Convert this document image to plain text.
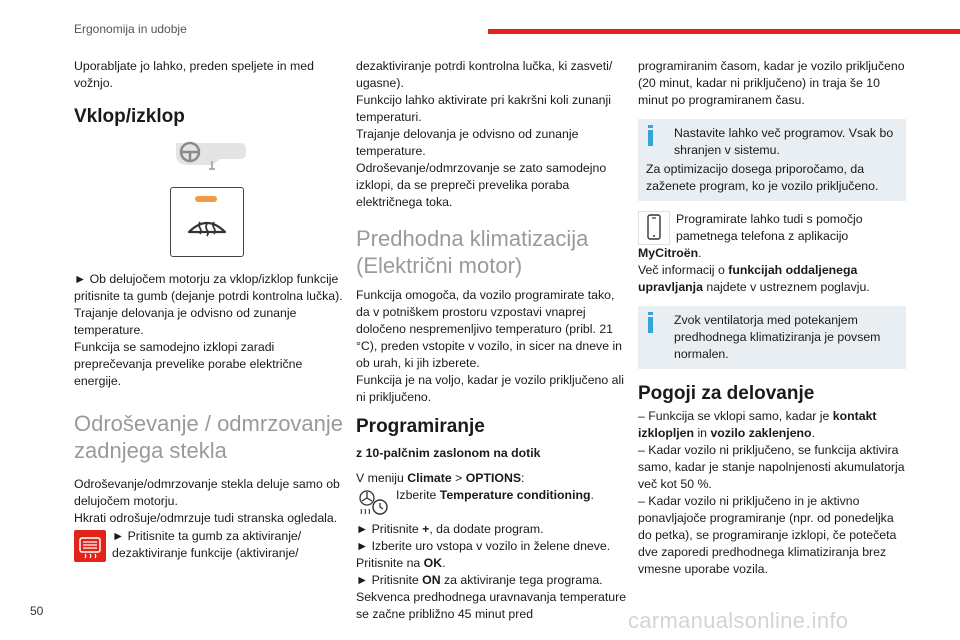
Ergonomija in udobje

Uporabljate jo lahko, preden speljete in med vožnjo.

Vklop/izklop

► Ob delujočem motorju za vklop/izklop funkcije pritisnite ta gumb (dejanje potrdi kontrolna lučka).

Trajanje delovanja je odvisno od zunanje temperature.

Funkcija se samodejno izklopi zaradi preprečevanja prevelike porabe električne energije.

Odroševanje / odmrzovanje zadnjega stekla

Odroševanje/odmrzovanje stekla deluje samo ob delujočem motorju.

Hkrati odrošuje/odmrzuje tudi stranska ogledala.

► Pritisnite ta gumb za aktiviranje/ dezaktiviranje funkcije (aktiviranje/

dezaktiviranje potrdi kontrolna lučka, ki zasveti/ ugasne).

Funkcijo lahko aktivirate pri kakršni koli zunanji temperaturi.

Trajanje delovanja je odvisno od zunanje temperature.

Odroševanje/odmrzovanje se zato samodejno izklopi, da se prepreči prevelika poraba električnega toka.

Predhodna klimatizacija (Električni motor)

Funkcija omogoča, da vozilo programirate tako, da v potniškem prostoru vzpostavi vnaprej določeno nespremenljivo temperaturo (pribl. 21 °C), preden vstopite v vozilo, in sicer na dneve in ob urah, ki jih izberete.

Funkcija je na voljo, kadar je vozilo priključeno ali ni priključeno.

Programiranje
z 10-palčnim zaslonom na dotik

V meniju Climate > OPTIONS:

Izberite Temperature conditioning.

► Pritisnite +, da dodate program.

► Izberite uro vstopa v vozilo in želene dneve.

Pritisnite na OK.

► Pritisnite ON za aktiviranje tega programa.

Sekvenca predhodnega uravnavanja temperature se začne približno 45 minut pred

programiranim časom, kadar je vozilo priključeno (20 minut, kadar ni priključeno) in traja še 10 minut po programiranem času.

Nastavite lahko več programov. Vsak bo shranjen v sistemu.

Za optimizacijo dosega priporočamo, da zaženete program, ko je vozilo priključeno.

Programirate lahko tudi s pomočjo pametnega telefona z aplikacijo

MyCitroën.

Več informacij o funkcijah oddaljenega upravljanja najdete v ustreznem poglavju.

Zvok ventilatorja med potekanjem predhodnega klimatiziranja je povsem normalen.

Pogoji za delovanje

– Funkcija se vklopi samo, kadar je kontakt izklopljen in vozilo zaklenjeno.

– Kadar vozilo ni priključeno, se funkcija aktivira samo, kadar je stanje napolnjenosti akumulatorja več kot 50 %.

– Kadar vozilo ni priključeno in je aktivno ponavljajoče programiranje (npr. od ponedeljka do petka), se programiranje izklopi, če potečeta dve zaporedi predhodnega klimatiziranja brez vmesne uporabe vozila.

50	carmanualsonline.info
